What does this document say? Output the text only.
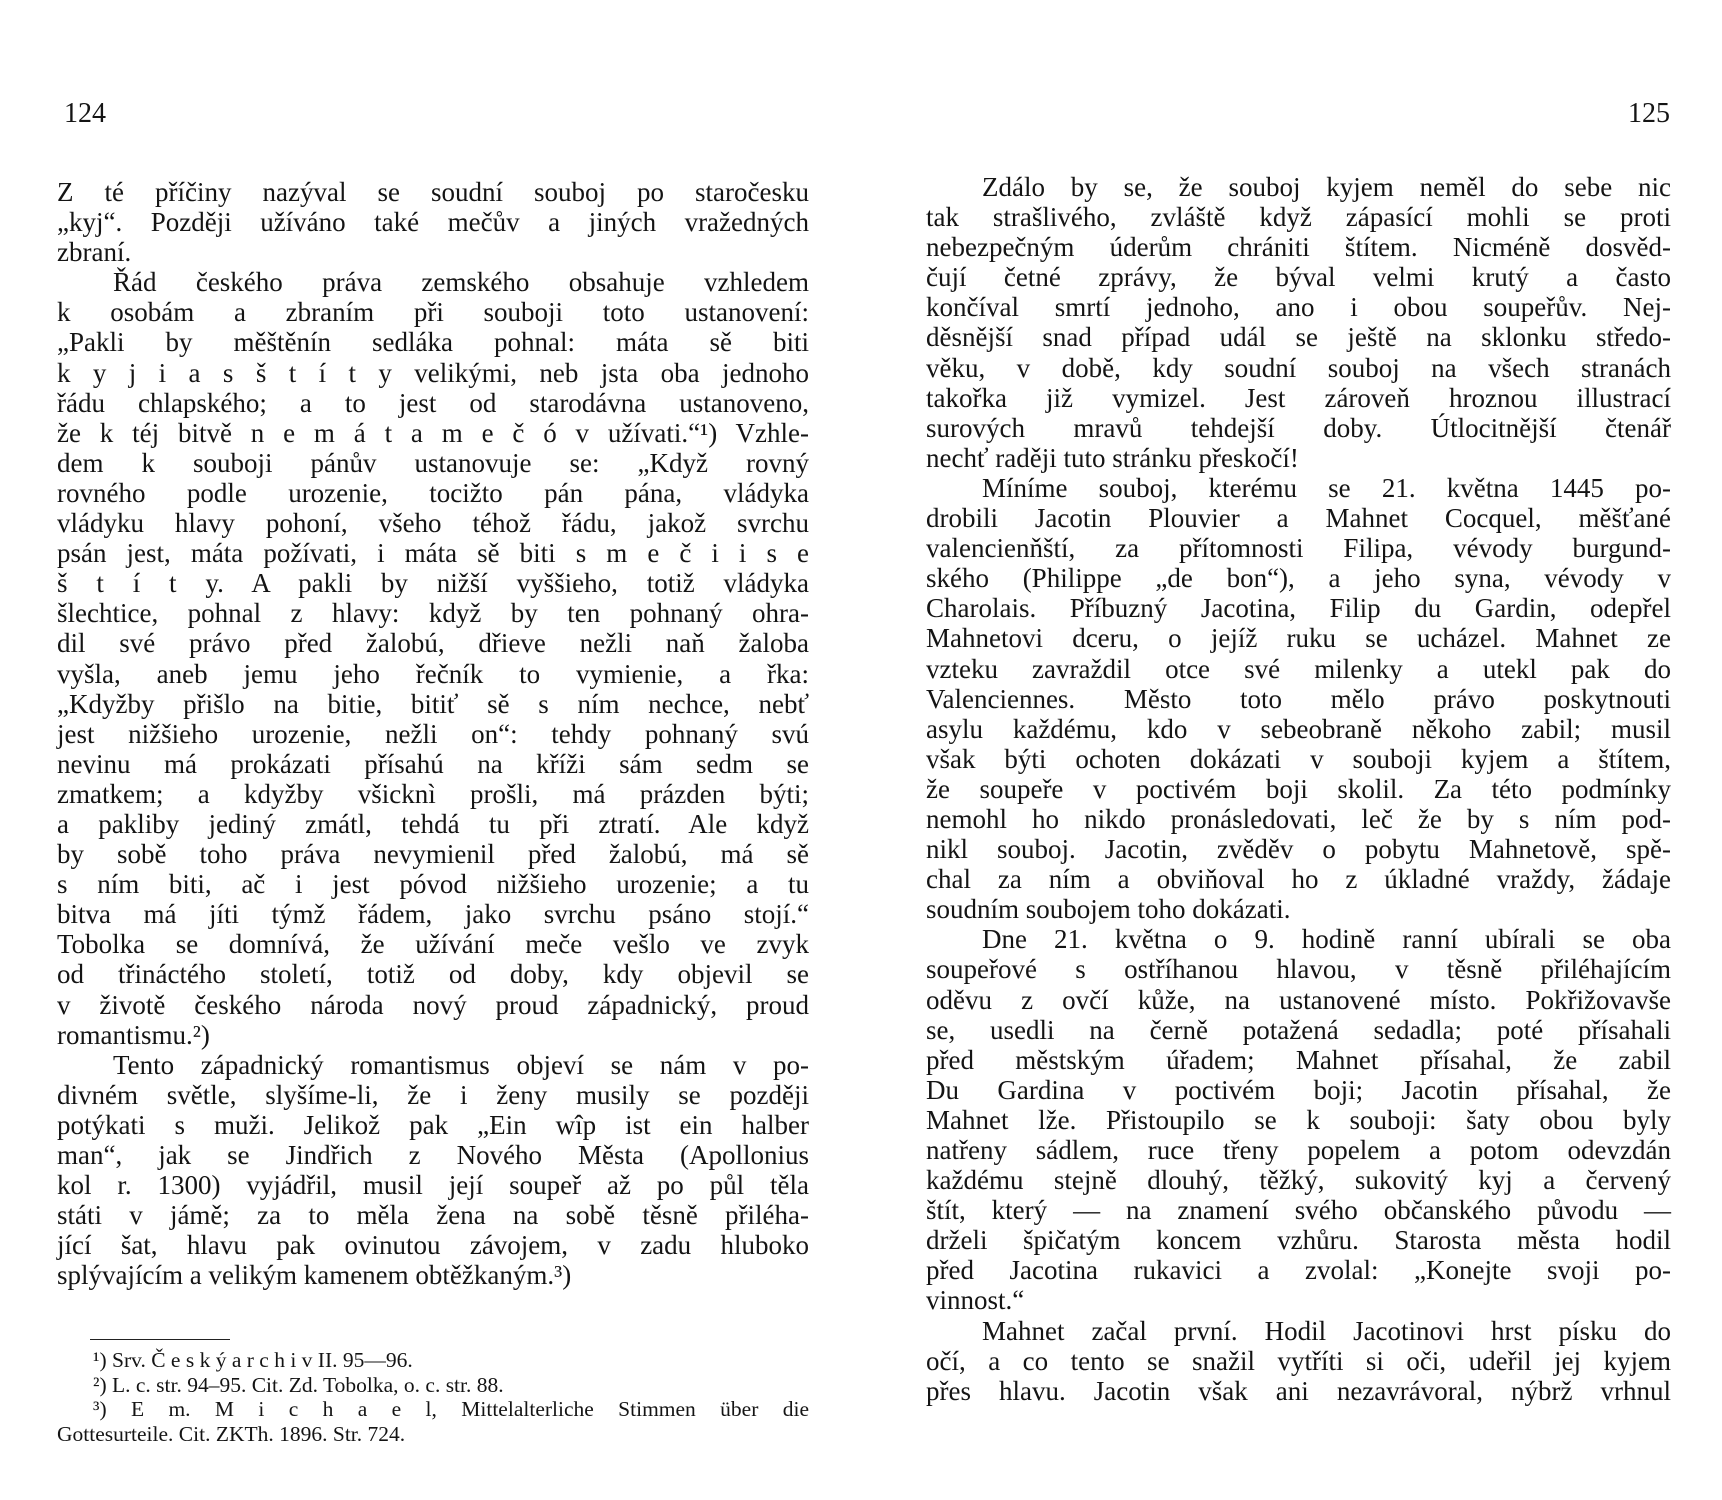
124
Z té příčiny nazýval se soudní souboj po staročesku
„kyj“. Později užíváno také mečův a jiných vražedných
zbraní.
Řád českého práva zemského obsahuje vzhledem
k osobám a zbraním při souboji toto ustanovení:
„Pakli by měštěnín sedláka pohnal: máta sě biti
k y j i a s š t í t y velikými, neb jsta oba jednoho
řádu chlapského; a to jest od starodávna ustanoveno,
že k téj bitvě n e m á t a m e č ó v užívati.“¹) Vzhle-
dem k souboji pánův ustanovuje se: „Když rovný
rovného podle urozenie, tocižto pán pána, vládyka
vládyku hlavy pohoní, všeho téhož řádu, jakož svrchu
psán jest, máta požívati, i máta sě biti s m e č i i s e
š t í t y. A pakli by nižší vyššieho, totiž vládyka
šlechtice, pohnal z hlavy: když by ten pohnaný ohra-
dil své právo před žalobú, dřieve nežli naň žaloba
vyšla, aneb jemu jeho řečník to vymienie, a řka:
„Kdyžby přišlo na bitie, bitiť sě s ním nechce, nebť
jest nižšieho urozenie, nežli on“: tehdy pohnaný svú
nevinu má prokázati přísahú na kříži sám sedm se
zmatkem; a kdyžby všicknì prošli, má prázden býti;
a pakliby jediný zmátl, tehdá tu při ztratí. Ale když
by sobě toho práva nevymienil před žalobú, má sě
s ním biti, ač i jest póvod nižšieho urozenie; a tu
bitva má jíti týmž řádem, jako svrchu psáno stojí.“
Tobolka se domnívá, že užívání meče vešlo ve zvyk
od třináctého století, totiž od doby, kdy objevil se
v životě českého národa nový proud západnický, proud
romantismu.²)
Tento západnický romantismus objeví se nám v po-
divném světle, slyšíme-li, že i ženy musily se později
potýkati s muži. Jelikož pak „Ein wîp ist ein halber
man“, jak se Jindřich z Nového Města (Apollonius
kol r. 1300) vyjádřil, musil její soupeř až po půl těla
státi v jámě; za to měla žena na sobě těsně přiléha-
jící šat, hlavu pak ovinutou závojem, v zadu hluboko
splývajícím a velikým kamenem obtěžkaným.³)
¹) Srv. Č e s k ý a r c h i v II. 95—96.
²) L. c. str. 94–95. Cit. Zd. Tobolka, o. c. str. 88.
³) E m. M i c h a e l, Mittelalterliche Stimmen über die
Gottesurteile. Cit. ZKTh. 1896. Str. 724.
125
Zdálo by se, že souboj kyjem neměl do sebe nic
tak strašlivého, zvláště když zápasící mohli se proti
nebezpečným úderům chrániti štítem. Nicméně dosvěd-
čují četné zprávy, že býval velmi krutý a často
končíval smrtí jednoho, ano i obou soupeřův. Nej-
děsnější snad případ udál se ještě na sklonku středo-
věku, v době, kdy soudní souboj na všech stranách
takořka již vymizel. Jest zároveň hroznou illustrací
surových mravů tehdejší doby. Útlocitnější čtenář
nechť raději tuto stránku přeskočí!
Míníme souboj, kterému se 21. května 1445 po-
drobili Jacotin Plouvier a Mahnet Cocquel, měšťané
valencienňští, za přítomnosti Filipa, vévody burgund-
ského (Philippe „de bon“), a jeho syna, vévody v
Charolais. Příbuzný Jacotina, Filip du Gardin, odepřel
Mahnetovi dceru, o jejíž ruku se ucházel. Mahnet ze
vzteku zavraždil otce své milenky a utekl pak do
Valenciennes. Město toto mělo právo poskytnouti
asylu každému, kdo v sebeobraně někoho zabil; musil
však býti ochoten dokázati v souboji kyjem a štítem,
že soupeře v poctivém boji skolil. Za této podmínky
nemohl ho nikdo pronásledovati, leč že by s ním pod-
nikl souboj. Jacotin, zvěděv o pobytu Mahnetově, spě-
chal za ním a obviňoval ho z úkladné vraždy, žádaje
soudním soubojem toho dokázati.
Dne 21. května o 9. hodině ranní ubírali se oba
soupeřové s ostříhanou hlavou, v těsně přiléhajícím
oděvu z ovčí kůže, na ustanovené místo. Pokřižovavše
se, usedli na černě potažená sedadla; poté přísahali
před městským úřadem; Mahnet přísahal, že zabil
Du Gardina v poctivém boji; Jacotin přísahal, že
Mahnet lže. Přistoupilo se k souboji: šaty obou byly
natřeny sádlem, ruce třeny popelem a potom odevzdán
každému stejně dlouhý, těžký, sukovitý kyj a červený
štít, který — na znamení svého občanského původu —
drželi špičatým koncem vzhůru. Starosta města hodil
před Jacotina rukavici a zvolal: „Konejte svoji po-
vinnost.“
Mahnet začal první. Hodil Jacotinovi hrst písku do
očí, a co tento se snažil vytříti si oči, udeřil jej kyjem
přes hlavu. Jacotin však ani nezavrávoral, nýbrž vrhnul
